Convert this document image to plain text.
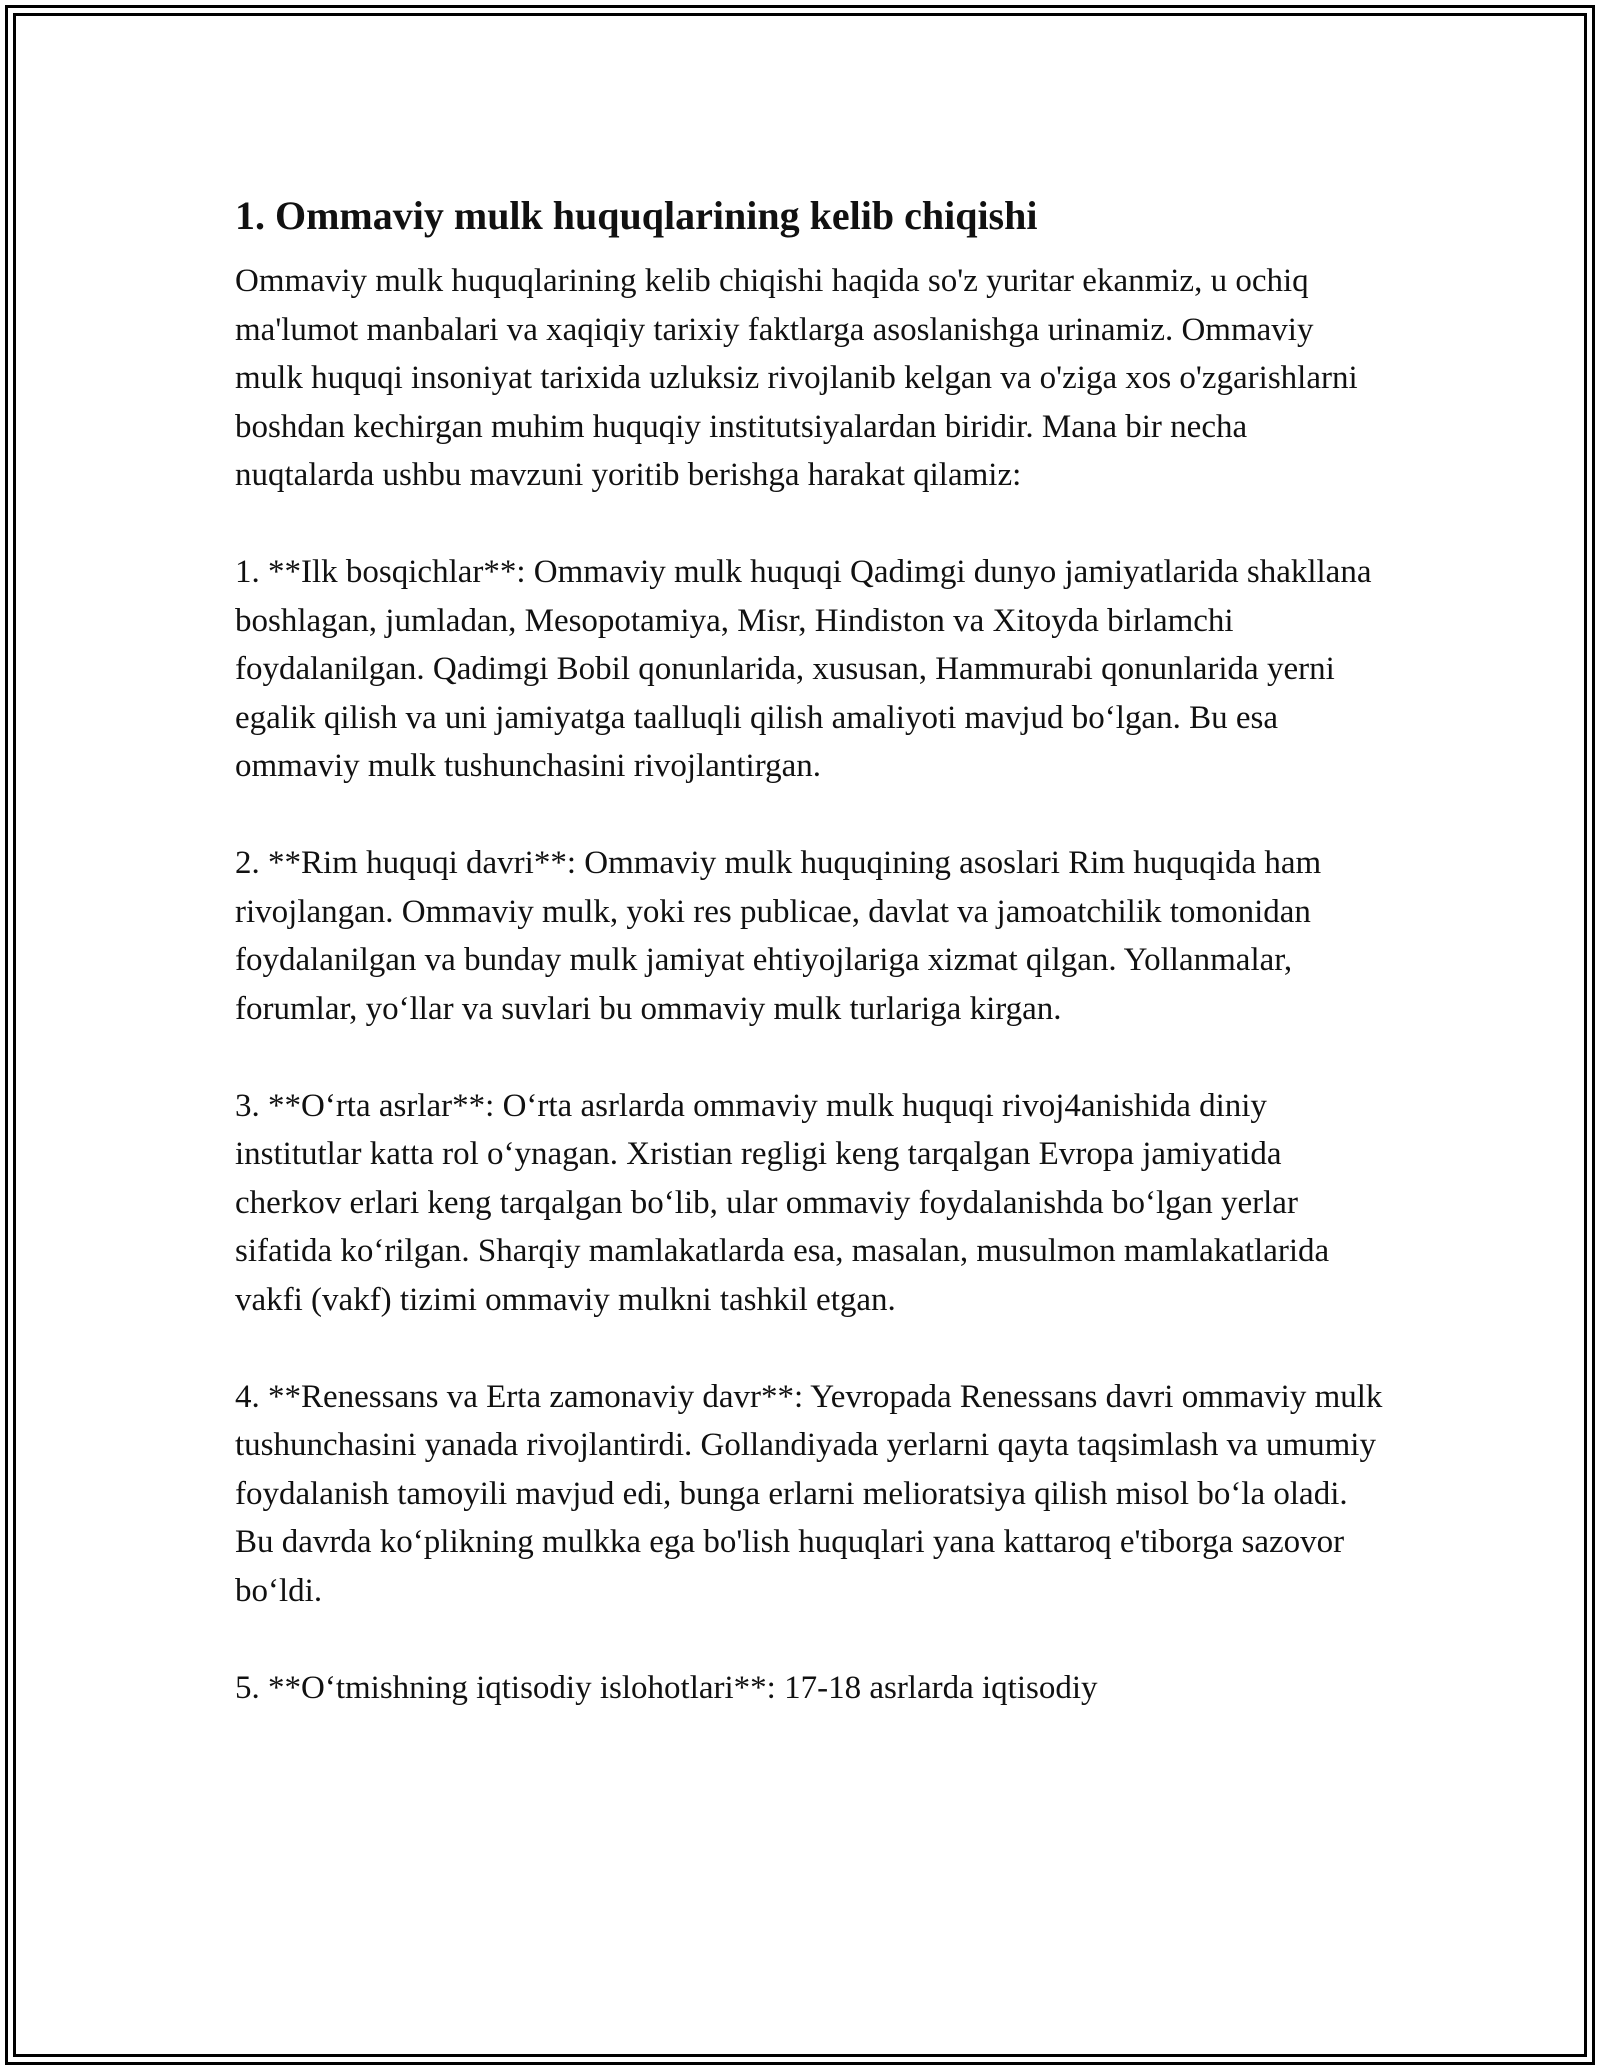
1. Ommaviy mulk huquqlarining kelib chiqishi

Ommaviy mulk huquqlarining kelib chiqishi haqida so'z yuritar ekanmiz, u ochiq ma'lumot manbalari va xaqiqiy tarixiy faktlarga asoslanishga urinamiz. Ommaviy mulk huquqi insoniyat tarixida uzluksiz rivojlanib kelgan va o'ziga xos o'zgarishlarni boshdan kechirgan muhim huquqiy institutsiyalardan biridir. Mana bir necha nuqtalarda ushbu mavzuni yoritib berishga harakat qilamiz:

1. **Ilk bosqichlar**: Ommaviy mulk huquqi Qadimgi dunyo jamiyatlarida shakllana boshlagan, jumladan, Mesopotamiya, Misr, Hindiston va Xitoyda birlamchi foydalanilgan. Qadimgi Bobil qonunlarida, xususan, Hammurabi qonunlarida yerni egalik qilish va uni jamiyatga taalluqli qilish amaliyoti mavjud bo‘lgan. Bu esa ommaviy mulk tushunchasini rivojlantirgan.

2. **Rim huquqi davri**: Ommaviy mulk huquqining asoslari Rim huquqida ham rivojlangan. Ommaviy mulk, yoki res publicae, davlat va jamoatchilik tomonidan foydalanilgan va bunday mulk jamiyat ehtiyojlariga xizmat qilgan. Yollanmalar, forumlar, yo‘llar va suvlari bu ommaviy mulk turlariga kirgan.

3. **O‘rta asrlar**: O‘rta asrlarda ommaviy mulk huquqi rivoj4anishida diniy institutlar katta rol o‘ynagan. Xristian regligi keng tarqalgan Evropa jamiyatida cherkov erlari keng tarqalgan bo‘lib, ular ommaviy foydalanishda bo‘lgan yerlar sifatida ko‘rilgan. Sharqiy mamlakatlarda esa, masalan, musulmon mamlakatlarida vakfi (vakf) tizimi ommaviy mulkni tashkil etgan.

4. **Renessans va Erta zamonaviy davr**: Yevropada Renessans davri ommaviy mulk tushunchasini yanada rivojlantirdi. Gollandiyada yerlarni qayta taqsimlash va umumiy foydalanish tamoyili mavjud edi, bunga erlarni melioratsiya qilish misol bo‘la oladi. Bu davrda ko‘plikning mulkka ega bo'lish huquqlari yana kattaroq e'tiborga sazovor bo‘ldi.

5. **O‘tmishning iqtisodiy islohotlari**: 17-18 asrlarda iqtisodiy
